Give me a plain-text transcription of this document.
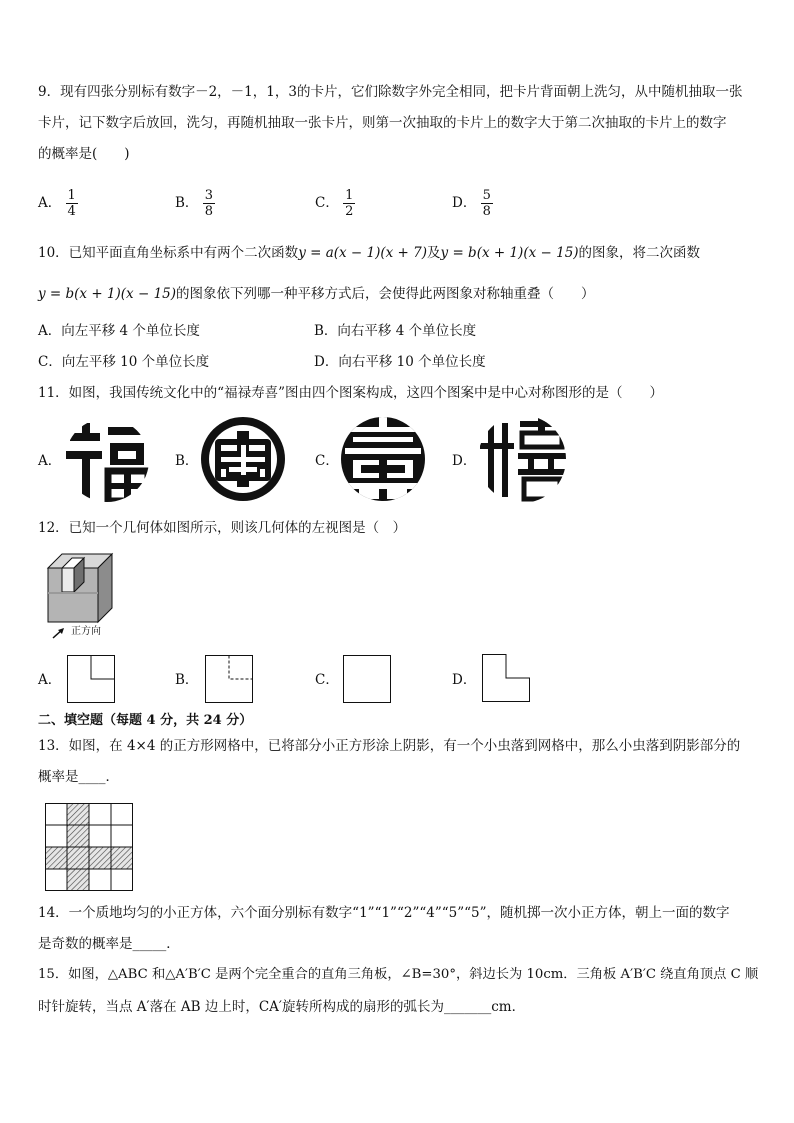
9．现有四张分别标有数字－2，－1，1，3的卡片，它们除数字外完全相同，把卡片背面朝上洗匀，从中随机抽取一张
卡片，记下数字后放回，洗匀，再随机抽取一张卡片，则第一次抽取的卡片上的数字大于第二次抽取的卡片上的数字
的概率是(　　)
A． $\frac{1}{4}$	B． $\frac{3}{8}$	C． $\frac{1}{2}$	D． $\frac{5}{8}$
10．已知平面直角坐标系中有两个二次函数y = a(x − 1)(x + 7)及y = b(x + 1)(x − 15)的图象，将二次函数
y = b(x + 1)(x − 15)的图象依下列哪一种平移方式后，会使得此两图象对称轴重叠（　　）
A．向左平移 4 个单位长度	B．向右平移 4 个单位长度
C．向左平移 10 个单位长度	D．向右平移 10 个单位长度
11．如图，我国传统文化中的“福禄寿喜”图由四个图案构成，这四个图案中是中心对称图形的是（　　）
A．	B．	C．	D．
12．已知一个几何体如图所示，则该几何体的左视图是（　）
正方向
A．	B．	C．	D．
二、填空题（每题 4 分，共 24 分）
13．如图，在 4×4 的正方形网格中，已将部分小正方形涂上阴影，有一个小虫落到网格中，那么小虫落到阴影部分的
概率是____．
14．一个质地均匀的小正方体，六个面分别标有数字“1”“1”“2”“4”“5”“5”，随机掷一次小正方体，朝上一面的数字
是奇数的概率是_____．
15．如图，△ABC 和△A′B′C 是两个完全重合的直角三角板，∠B=30°，斜边长为 10cm．三角板 A′B′C 绕直角顶点 C 顺
时针旋转，当点 A′落在 AB 边上时，CA′旋转所构成的扇形的弧长为_______cm．
